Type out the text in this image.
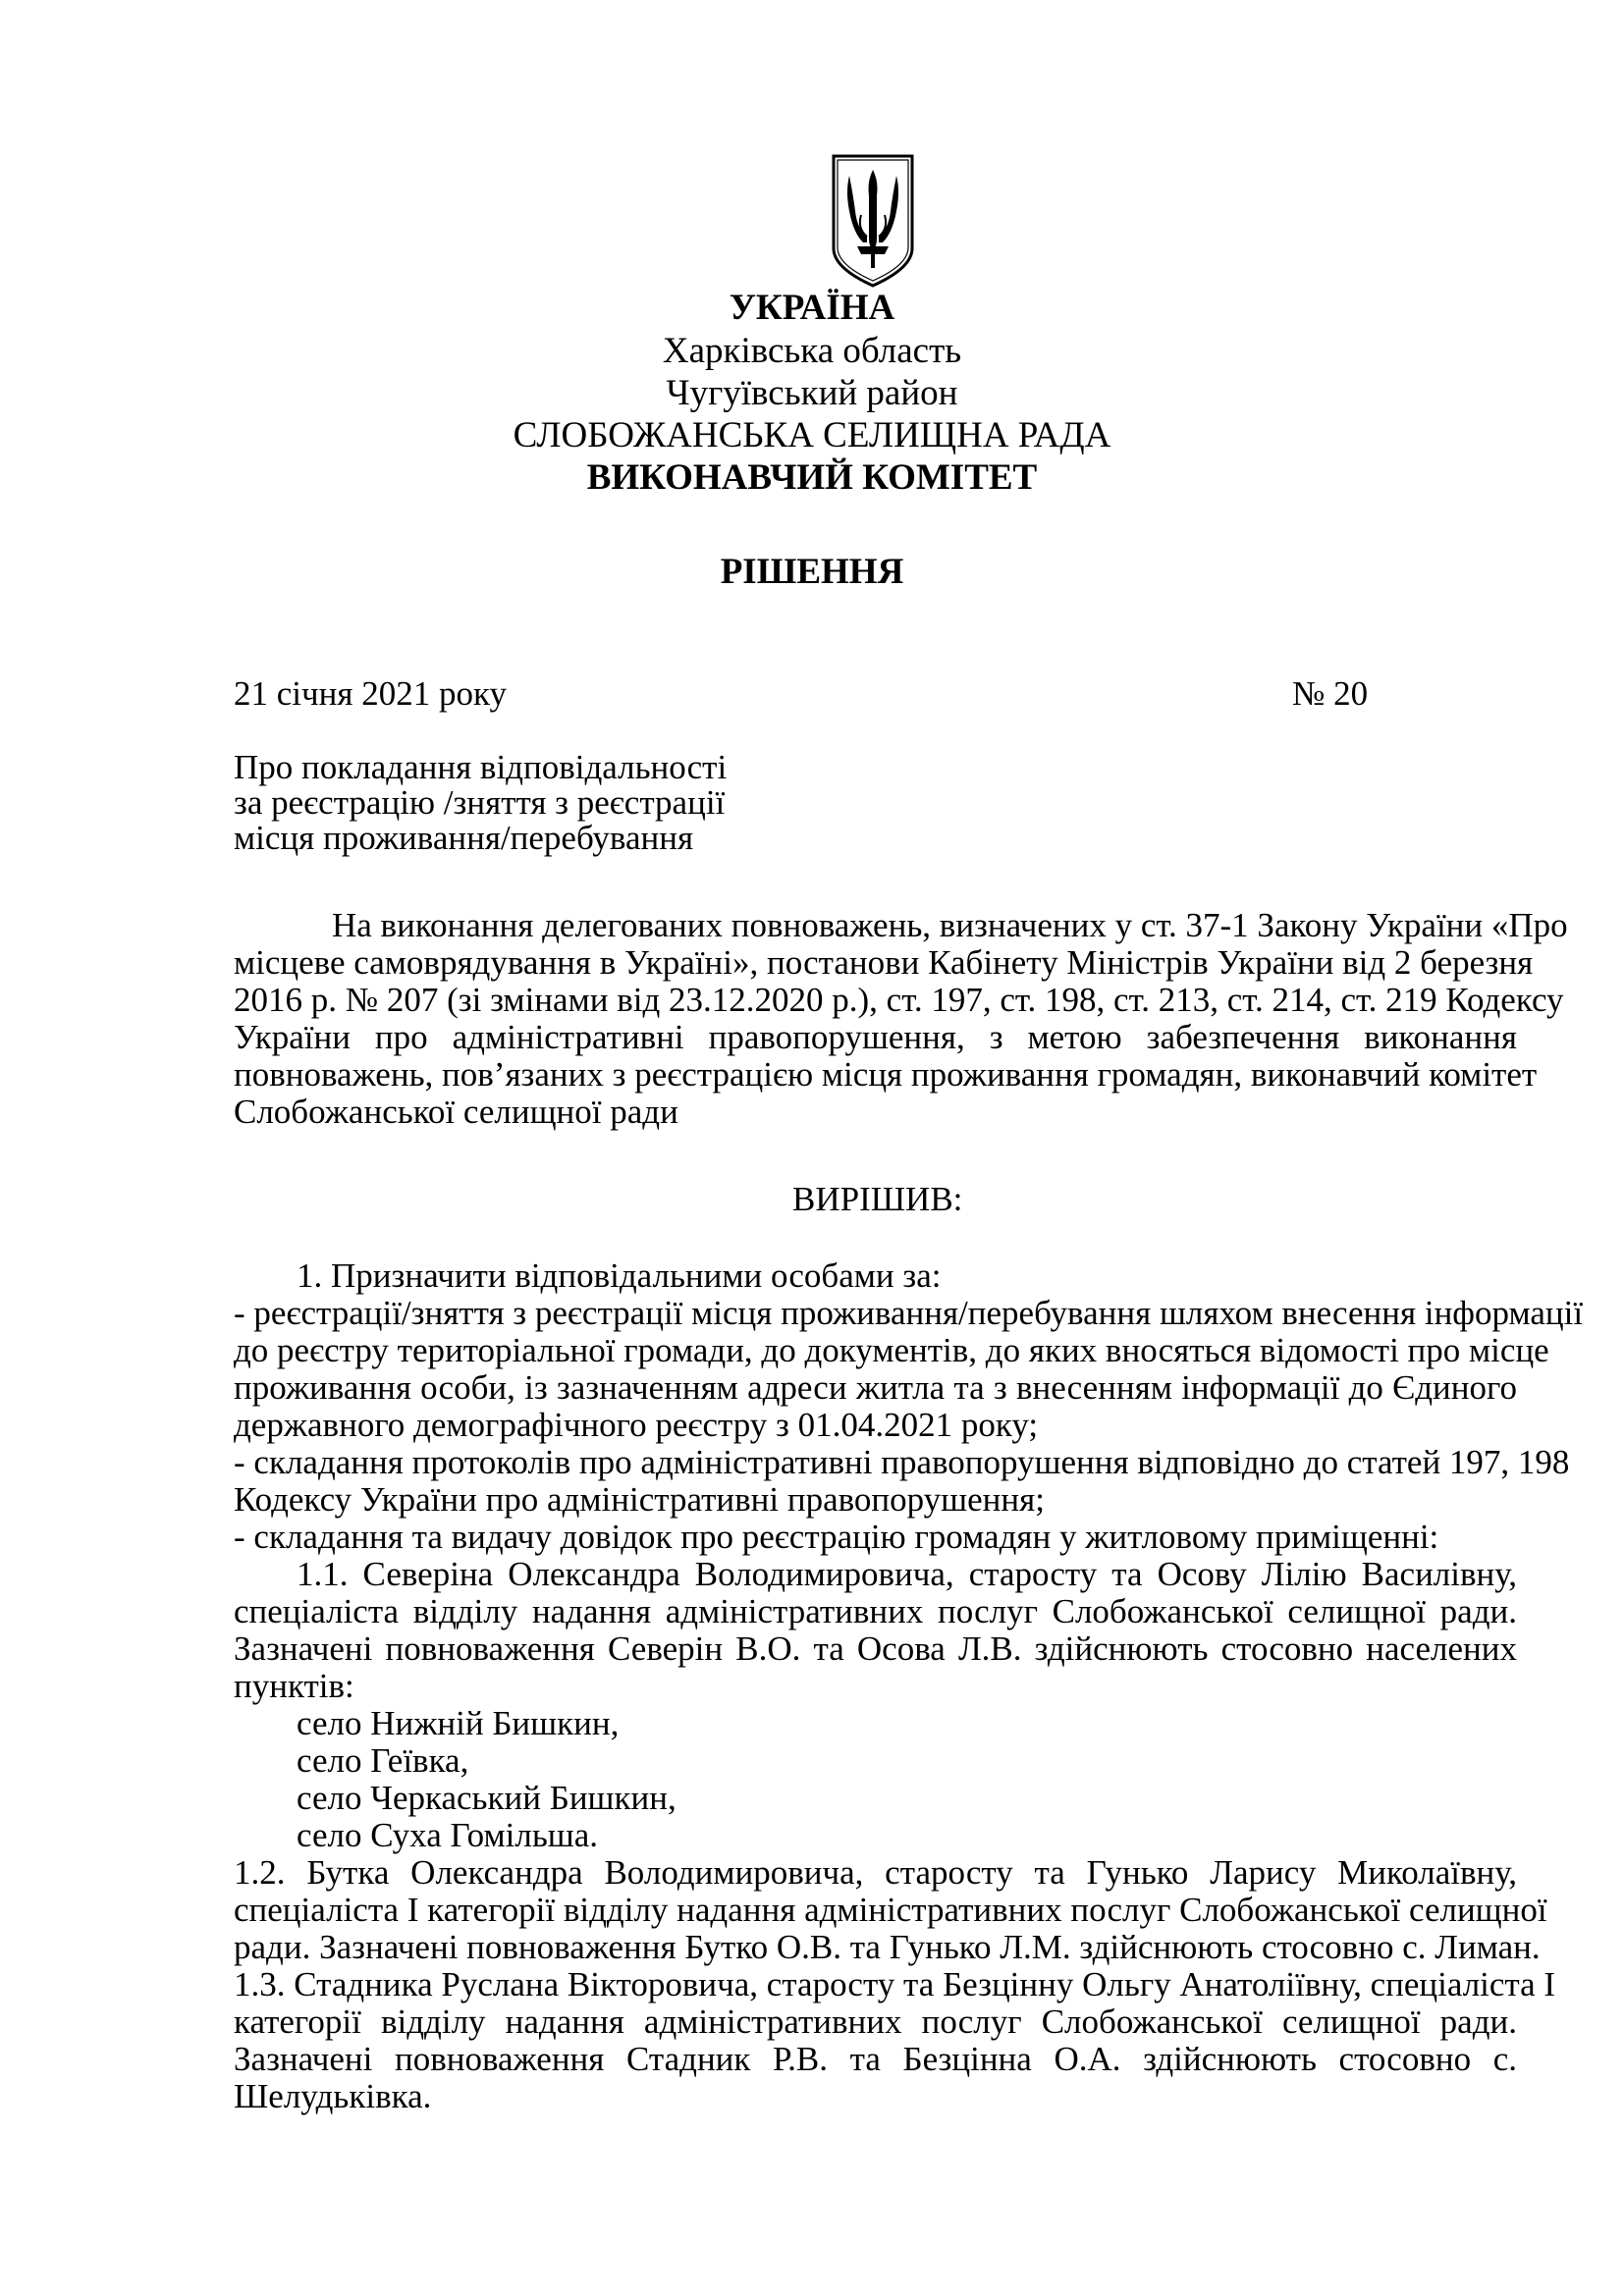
УКРАЇНА
Харківська область
Чугуївський район
СЛОБОЖАНСЬКА СЕЛИЩНА РАДА
ВИКОНАВЧИЙ КОМІТЕТ
РІШЕННЯ
21 січня 2021 року	№ 20
Про покладання відповідальності
за реєстрацію /зняття з реєстрації
місця проживання/перебування
На виконання делегованих повноважень, визначених у ст. 37-1 Закону України «Про
місцеве самоврядування в Україні», постанови Кабінету Міністрів України від 2 березня
2016 р. № 207 (зі змінами від 23.12.2020 р.), ст. 197, ст. 198, ст. 213, ст. 214, ст. 219 Кодексу
України про адміністративні правопорушення, з метою забезпечення виконання
повноважень, пов’язаних з реєстрацією місця проживання громадян, виконавчий комітет
Слобожанської селищної ради
ВИРІШИВ:
1. Призначити відповідальними особами за:
- реєстрації/зняття з реєстрації місця проживання/перебування шляхом внесення інформації
до реєстру територіальної громади, до документів, до яких вносяться відомості про місце
проживання особи, із зазначенням адреси житла та з внесенням інформації до Єдиного
державного демографічного реєстру з 01.04.2021 року;
- складання протоколів про адміністративні правопорушення відповідно до статей 197, 198
Кодексу України про адміністративні правопорушення;
- складання та видачу довідок про реєстрацію громадян у житловому приміщенні:
1.1. Северіна Олександра Володимировича, старосту та Осову Лілію Василівну,
спеціаліста відділу надання адміністративних послуг Слобожанської селищної ради.
Зазначені повноваження Северін В.О. та Осова Л.В. здійснюють стосовно населених
пунктів:
село Нижній Бишкин,
село Геївка,
село Черкаський Бишкин,
село Суха Гомільша.
1.2. Бутка Олександра Володимировича, старосту та Гунько Ларису Миколаївну,
спеціаліста І категорії відділу надання адміністративних послуг Слобожанської селищної
ради. Зазначені повноваження Бутко О.В. та Гунько Л.М. здійснюють стосовно с. Лиман.
1.3. Стадника Руслана Вікторовича, старосту та Безцінну Ольгу Анатоліївну, спеціаліста І
категорії відділу надання адміністративних послуг Слобожанської селищної ради.
Зазначені повноваження Стадник Р.В. та Безцінна О.А. здійснюють стосовно с.
Шелудьківка.
